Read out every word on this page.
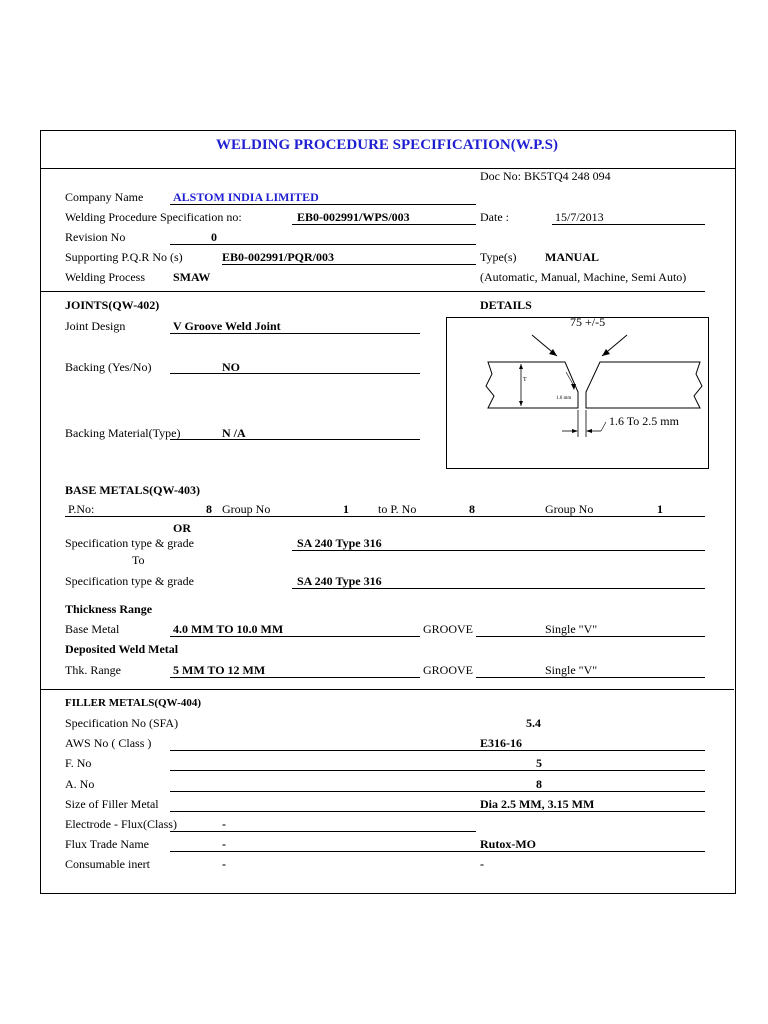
WELDING PROCEDURE SPECIFICATION(W.P.S)
Doc No: BK5TQ4 248 094
Company Name ALSTOM INDIA LIMITED
Welding Procedure Specification no:	EB0-002991/WPS/003	Date :	15/7/2013
Revision No	0
Supporting P.Q.R No (s)	EB0-002991/PQR/003	Type(s) MANUAL
Welding Process SMAW	(Automatic, Manual, Machine, Semi Auto)
JOINTS(QW-402)	DETAILS
Joint Design	V Groove Weld Joint
Backing (Yes/No)	NO
Backing Material(Type)	N /A
75 +/-5
1.6 To 2.5 mm
T
1.6 mm
BASE METALS(QW-403)
P.No:	8 Group No	1 to P. No	8	Group No	1
OR
Specification type & grade	SA 240 Type 316
To
Specification type & grade	SA 240 Type 316
Thickness Range
Base Metal	4.0 MM TO 10.0 MM	GROOVE	Single "V"
Deposited Weld Metal
Thk. Range	5 MM TO 12 MM	GROOVE	Single "V"
FILLER METALS(QW-404)
Specification No (SFA)	5.4
AWS No ( Class )	E316-16
F. No	5
A. No	8
Size of Filler Metal	Dia 2.5 MM, 3.15 MM
Electrode - Flux(Class)	-
Flux Trade Name	-	Rutox-MO
Consumable inert	-	-
